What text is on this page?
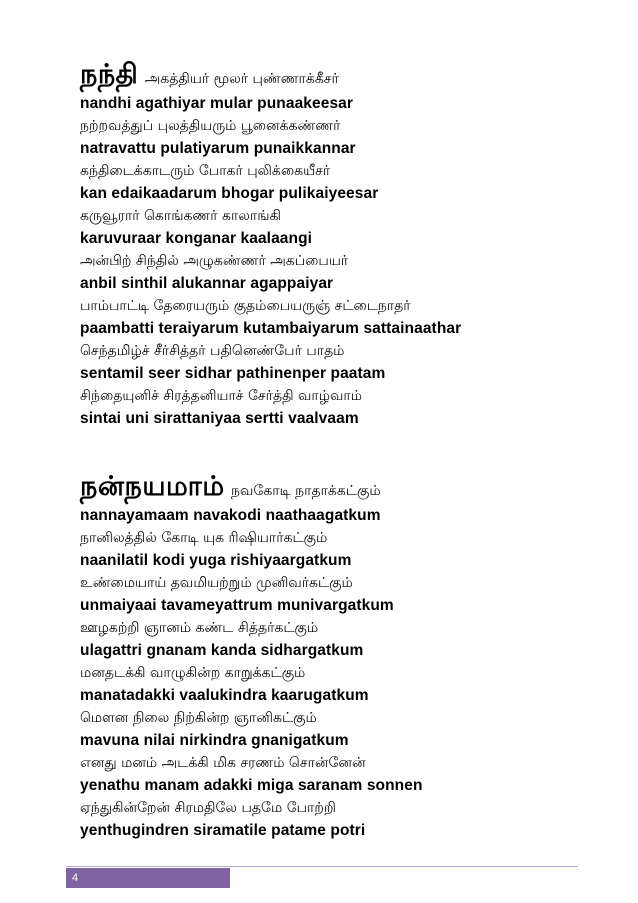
நந்தி அகத்தியர் மூலர் புண்ணாக்கீசர்
nandhi agathiyar mular punaakeesar
நற்றவத்துப் புலத்தியரும் பூனைக்கண்ணர்
natravattu pulatiyarum punaikkannar
கந்திடைக்காடரும் போகர் புலிக்கையீசர்
kan edaikaadarum bhogar pulikaiyeesar
கருவூரார் கொங்கணர் காலாங்கி
karuvuraar konganar kaalaangi
அன்பிற் சிந்தில் அழுகண்ணர் அகப்பையர்
anbil sinthil alukannar agappaiyar
பாம்பாட்டி தேரையரும் குதம்பையருஞ் சட்டைநாதர்
paambatti teraiyarum kutambaiyarum sattainaathar
செந்தமிழ்ச் சீர்சித்தர் பதினெண்பேர் பாதம்
sentamil seer sidhar pathinenper paatam
சிந்தையுனிச் சிரத்தனியாச் சேர்த்தி வாழ்வாம்
sintai uni sirattaniyaa sertti vaalvaam
நன்நயமாம் நவகோடி நாதாக்கட்கும்
nannayamaam navakodi naathaagatkum
நானிலத்தில் கோடி யுக ரிஷியார்கட்கும்
naanilatil kodi yuga rishiyaargatkum
உண்மையாய் தவமியற்றும் முனிவர்கட்கும்
unmaiyaai tavameyattrum munivargatkum
ஊழகற்றி ஞானம் கண்ட சித்தர்கட்கும்
ulagattri gnanam kanda sidhargatkum
மனதடக்கி வாழுகின்ற காறுக்கட்கும்
manatadakki vaalukindra kaarugatkum
மௌன நிலை நிற்கின்ற ஞானிகட்கும்
mavuna nilai nirkindra gnanigatkum
எனது மனம் அடக்கி மிக சரணம் சொன்னேன்
yenathu manam adakki miga saranam sonnen
ஏந்துகின்றேன் சிரமதிலே பதமே போற்றி
yenthugindren siramatile patame potri
4
